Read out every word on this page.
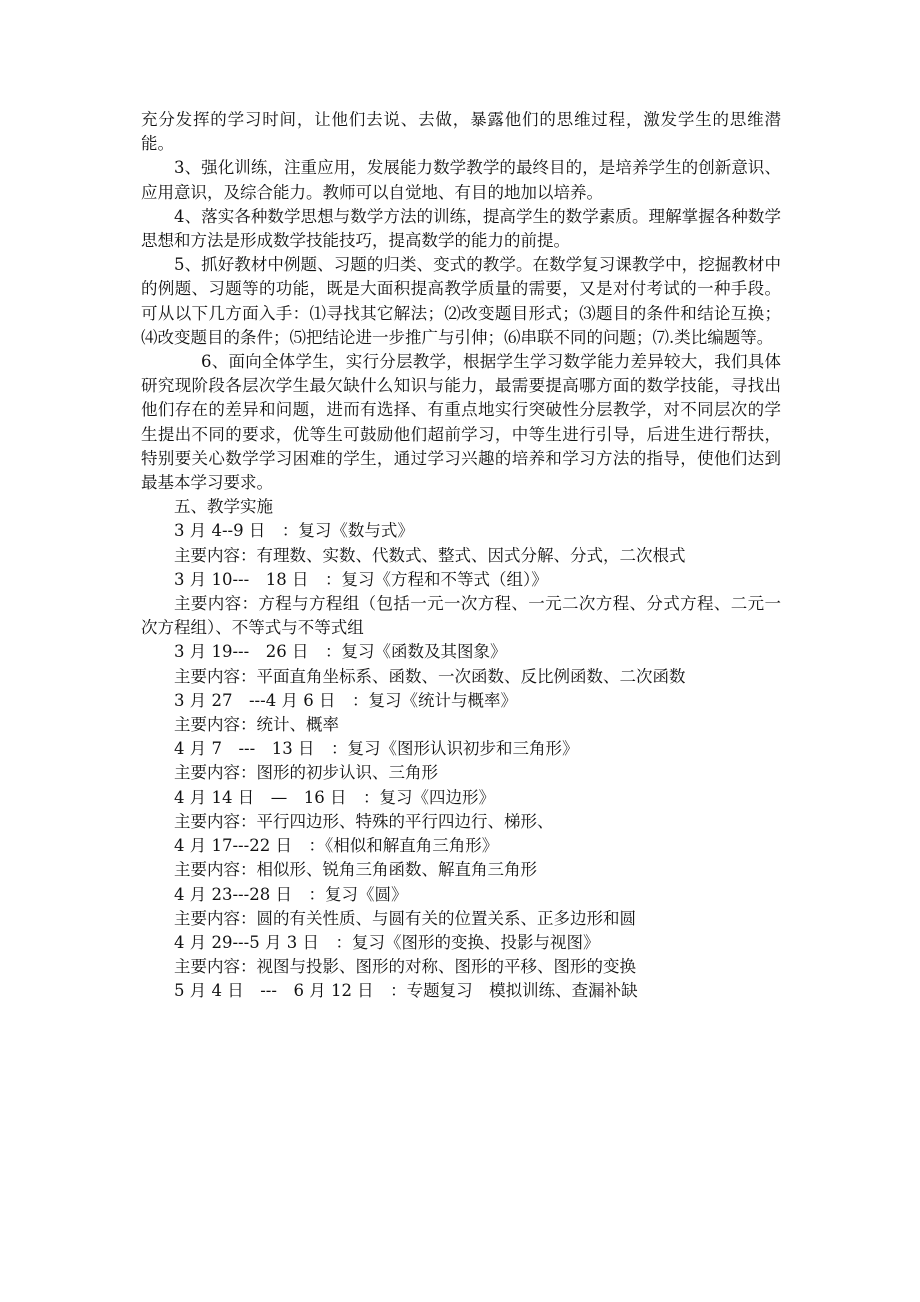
充分发挥的学习时间，让他们去说、去做，暴露他们的思维过程，激发学生的思维潜能。

3、强化训练，注重应用，发展能力数学教学的最终目的，是培养学生的创新意识、应用意识，及综合能力。教师可以自觉地、有目的地加以培养。

4、落实各种数学思想与数学方法的训练，提高学生的数学素质。理解掌握各种数学思想和方法是形成数学技能技巧，提高数学的能力的前提。

5、抓好教材中例题、习题的归类、变式的教学。在数学复习课教学中，挖掘教材中的例题、习题等的功能，既是大面积提高教学质量的需要，又是对付考试的一种手段。可从以下几方面入手：⑴寻找其它解法；⑵改变题目形式；⑶题目的条件和结论互换；⑷改变题目的条件；⑸把结论进一步推广与引伸；⑹串联不同的问题；⑺.类比编题等。

6、面向全体学生，实行分层教学，根据学生学习数学能力差异较大，我们具体研究现阶段各层次学生最欠缺什么知识与能力，最需要提高哪方面的数学技能，寻找出他们存在的差异和问题，进而有选择、有重点地实行突破性分层教学，对不同层次的学生提出不同的要求，优等生可鼓励他们超前学习，中等生进行引导，后进生进行帮扶，特别要关心数学学习困难的学生，通过学习兴趣的培养和学习方法的指导，使他们达到最基本学习要求。

五、教学实施

3 月 4--9 日　：复习《数与式》

主要内容：有理数、实数、代数式、整式、因式分解、分式，二次根式

3 月 10---　18 日　：复习《方程和不等式（组）》

主要内容：方程与方程组（包括一元一次方程、一元二次方程、分式方程、二元一次方程组）、不等式与不等式组

3 月 19---　26 日　：复习《函数及其图象》

主要内容：平面直角坐标系、函数、一次函数、反比例函数、二次函数

3 月 27　---4 月 6 日　：复习《统计与概率》

主要内容：统计、概率

4 月 7　---　13 日　：复习《图形认识初步和三角形》

主要内容：图形的初步认识、三角形

4 月 14 日　—　16 日　：复习《四边形》

主要内容：平行四边形、特殊的平行四边行、梯形、

4 月 17---22 日　：《相似和解直角三角形》

主要内容：相似形、锐角三角函数、解直角三角形

4 月 23---28 日　：复习《圆》

主要内容：圆的有关性质、与圆有关的位置关系、正多边形和圆

4 月 29---5 月 3 日　：复习《图形的变换、投影与视图》

主要内容：视图与投影、图形的对称、图形的平移、图形的变换

5 月 4 日　---　6 月 12 日　：专题复习　模拟训练、查漏补缺
